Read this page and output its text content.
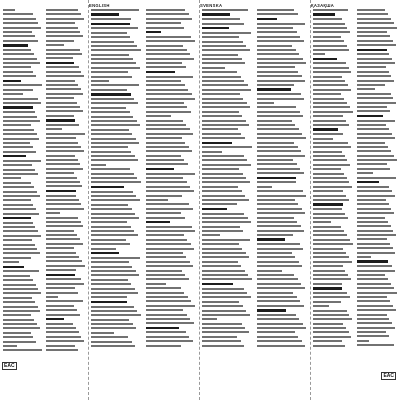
EAC
ENGLISH	SVENSKA	ҚАЗАҚША
EAC
